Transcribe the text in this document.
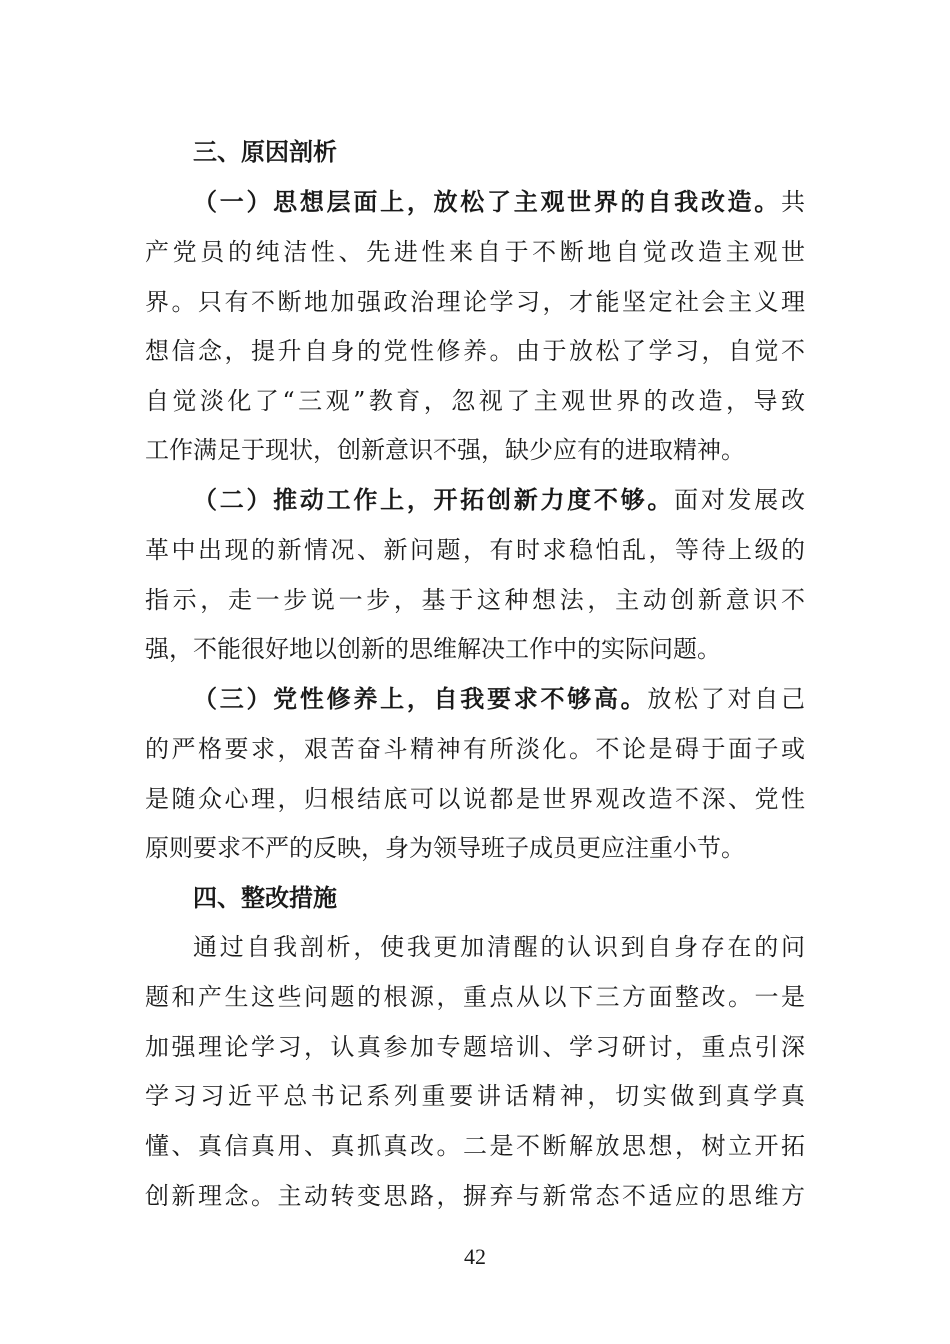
三、原因剖析
（一）思想层面上，放松了主观世界的自我改造。共
产党员的纯洁性、先进性来自于不断地自觉改造主观世
界。只有不断地加强政治理论学习，才能坚定社会主义理
想信念，提升自身的党性修养。由于放松了学习，自觉不
自觉淡化了“三观”教育，忽视了主观世界的改造，导致
工作满足于现状，创新意识不强，缺少应有的进取精神。
（二）推动工作上，开拓创新力度不够。面对发展改
革中出现的新情况、新问题，有时求稳怕乱，等待上级的
指示，走一步说一步，基于这种想法，主动创新意识不
强，不能很好地以创新的思维解决工作中的实际问题。
（三）党性修养上，自我要求不够高。放松了对自己
的严格要求，艰苦奋斗精神有所淡化。不论是碍于面子或
是随众心理，归根结底可以说都是世界观改造不深、党性
原则要求不严的反映，身为领导班子成员更应注重小节。
四、整改措施
通过自我剖析，使我更加清醒的认识到自身存在的问
题和产生这些问题的根源，重点从以下三方面整改。一是
加强理论学习，认真参加专题培训、学习研讨，重点引深
学习习近平总书记系列重要讲话精神，切实做到真学真
懂、真信真用、真抓真改。二是不断解放思想，树立开拓
创新理念。主动转变思路，摒弃与新常态不适应的思维方
42
